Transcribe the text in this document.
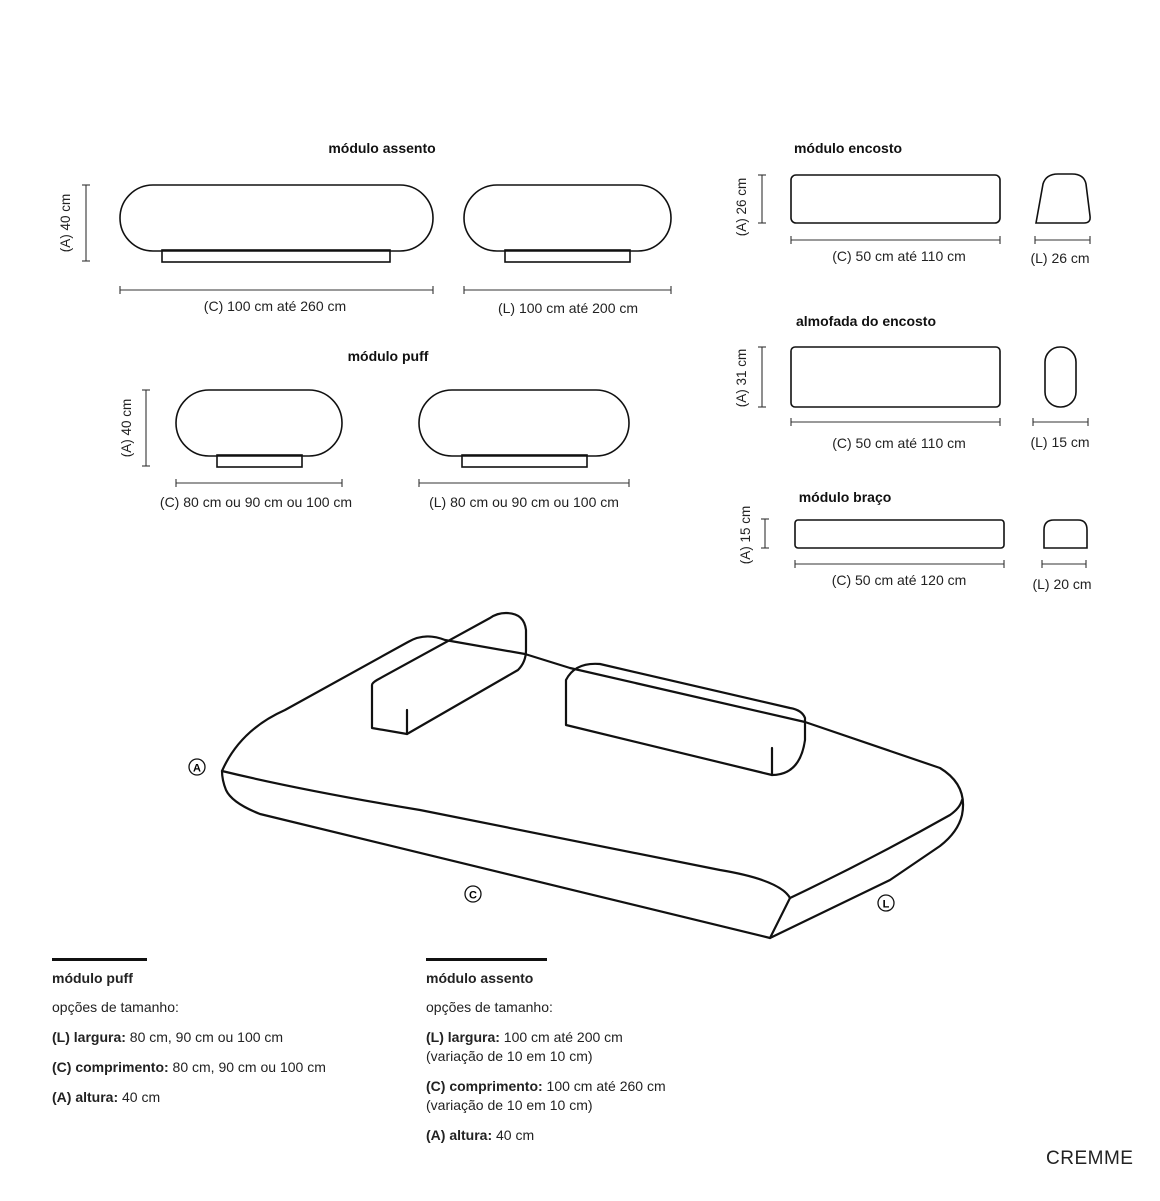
módulo assento
(A) 40 cm
(C) 100 cm até 260 cm	(L) 100 cm até 200 cm
módulo puff
(A) 40 cm
(C) 80 cm ou 90 cm ou 100 cm	(L) 80 cm ou 90 cm ou 100 cm
módulo encosto
(A) 26 cm
(C) 50 cm até 110 cm	(L) 26 cm
almofada do encosto
(A) 31 cm
(C) 50 cm até 110 cm	(L) 15 cm
módulo braço
(A) 15 cm
(C) 50 cm até 120 cm	(L) 20 cm
A
C
L
módulo puff
opções de tamanho:
(L) largura: 80 cm, 90 cm ou 100 cm
(C) comprimento: 80 cm, 90 cm ou 100 cm
(A) altura: 40 cm
módulo assento
opções de tamanho:
(L) largura: 100 cm até 200 cm
(variação de 10 em 10 cm)
(C) comprimento: 100 cm até 260 cm
(variação de 10 em 10 cm)
(A) altura: 40 cm
CREMME
